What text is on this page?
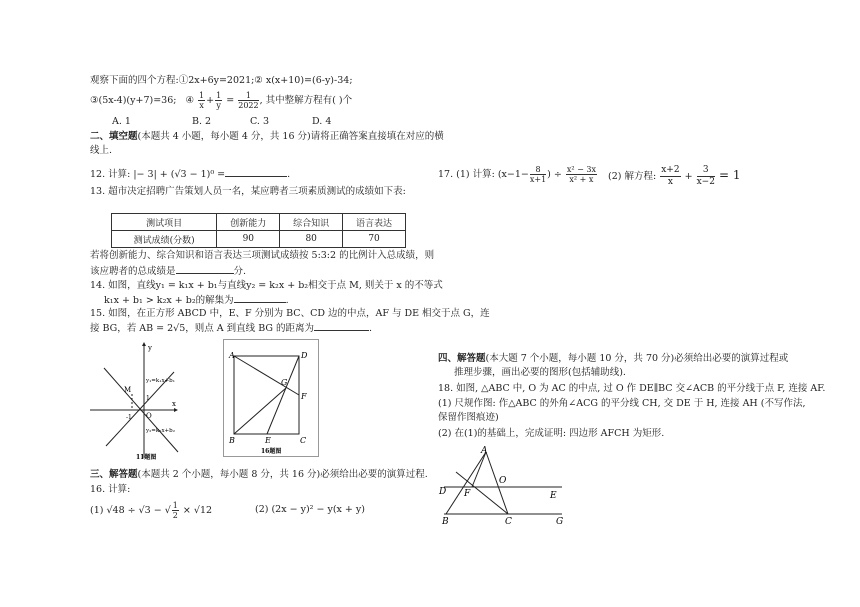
观察下面的四个方程:①2x+6y=2021;② x(x+10)=(6-y)-34;
③(5x-4)(y+7)=36; ④ $\frac{1}{x} + \frac{1}{y} = \frac{1}{2022}$ , 其中整解方程有( )个
A. 1	B. 2	C. 3	D. 4
二、填空题(本题共 4 小题，每小题 4 分，共 16 分)请将正确答案直接填在对应的横
线上.
12. 计算: |− 3| + (√3 − 1)⁰ =	.
13. 超市决定招聘广告策划人员一名，某应聘者三项素质测试的成绩如下表:
测试项目	创新能力	综合知识	语言表达
测试成绩(分数)	90	80	70
若将创新能力、综合知识和语言表达三项测试成绩按 5:3:2 的比例计入总成绩，则
该应聘者的总成绩是	分.
14. 如图，直线y₁ = k₁x + b₁与直线y₂ = k₂x + b₂相交于点 M, 则关于 x 的不等式
k₁x + b₁ > k₂x + b₂的解集为	.
15. 如图，在正方形 ABCD 中，E、F 分别为 BC、CD 边的中点，AF 与 DE 相交于点 G，连
接 BG，若 AB = 2√5，则点 A 到直线 BG 的距离为	.
y
x
y₁=k₁x+b₁
y₂=k₂x+b₂
M
O
1
-1
11题图
A	D
G
F
B	E	C
16题图
三、解答题(本题共 2 个小题，每小题 8 分，共 16 分)必须给出必要的演算过程.
16. 计算:
(1) √48 ÷ √3 − √ $\frac{1}{2} \times √12$	(2) (2x − y)² − y(x + y)
17. (1) 计算: ($x-1- \frac{8}{x+1}$ ) ÷ $\frac{\text{x² − 3x}}{\text{x² + x}} (2)$ 解方程: $\frac{x+2}{x} + \frac{3}{x-2} = 1$
四、解答题(本大题 7 个小题，每小题 10 分，共 70 分)必须给出必要的演算过程或
推理步骤，画出必要的图形(包括辅助线).
18. 如图, △ABC 中, O 为 AC 的中点, 过 O 作 DE∥BC 交∠ACB 的平分线于点 F, 连接 AF.
(1) 尺规作图: 作△ABC 的外角∠ACG 的平分线 CH, 交 DE 于 H, 连接 AH (不写作法,
保留作图痕迹)
(2) 在(1)的基础上，完成证明: 四边形 AFCH 为矩形.
A
O
D F	E
B	C	G
